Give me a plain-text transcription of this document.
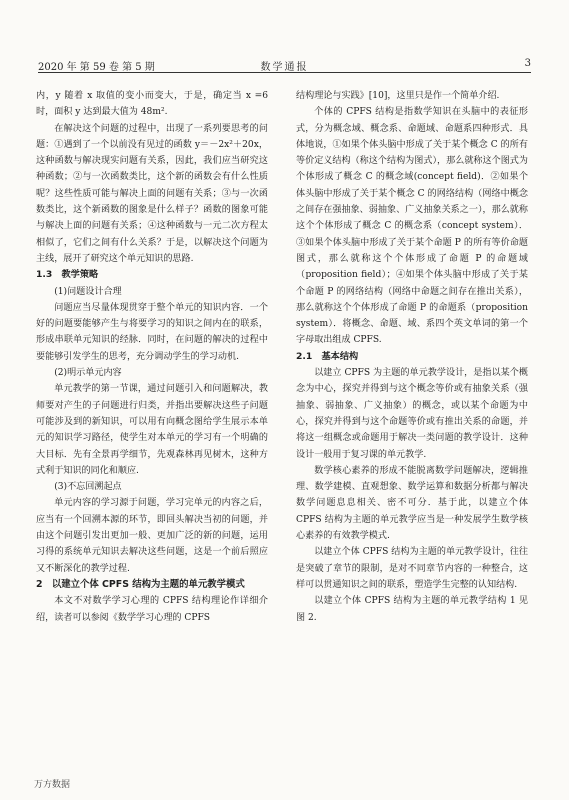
2020 年 第 59 卷 第 5 期	数学通报	3

内，y 随着 x 取值的变小而变大，于是，确定当 x =6 时，面积 y 达到最大值为 48m².

在解决这个问题的过程中，出现了一系列要思考的问题：①遇到了一个以前没有见过的函数 y＝－2x²＋20x，这种函数与解决现实问题有关系，因此，我们应当研究这种函数；②与一次函数类比，这个新的函数会有什么性质呢？这些性质可能与解决上面的问题有关系；③与一次函数类比，这个新函数的图象是什么样子？函数的图象可能与解决上面的问题有关系；④这种函数与一元二次方程太相似了，它们之间有什么关系？于是，以解决这个问题为主线，展开了研究这个单元知识的思路.

1.3　教学策略
(1)问题设计合理

问题应当尽量体现贯穿于整个单元的知识内容．一个好的问题要能够产生与将要学习的知识之间内在的联系，形成串联单元知识的经脉．同时，在问题的解决的过程中要能够引发学生的思考，充分调动学生的学习动机.

(2)明示单元内容

单元教学的第一节课，通过问题引入和问题解决，教师要对产生的子问题进行归类，并指出要解决这些子问题可能涉及到的新知识，可以用有向概念图给学生展示本单元的知识学习路径，使学生对本单元的学习有一个明确的大目标．先有全景再学细节，先观森林再见树木，这种方式利于知识的同化和顺应.

(3)不忘回溯起点

单元内容的学习源于问题，学习完单元的内容之后，应当有一个回溯本源的环节，即回头解决当初的问题，并由这个问题引发出更加一般、更加广泛的新的问题，运用习得的系统单元知识去解决这些问题，这是一个前后照应又不断深化的教学过程.

2　以建立个体 CPFS 结构为主题的单元教学模式

本文不对数学学习心理的 CPFS 结构理论作详细介绍，读者可以参阅《数学学习心理的 CPFS

结构理论与实践》[10]，这里只是作一个简单介绍.

个体的 CPFS 结构是指数学知识在头脑中的表征形式，分为概念域、概念系、命题域、命题系四种形式．具体地说，①如果个体头脑中形成了关于某个概念 C 的所有等价定义结构（称这个结构为图式），那么就称这个图式为个体形成了概念 C 的概念域(concept field)．②如果个体头脑中形成了关于某个概念 C 的网络结构（网络中概念之间存在强抽象、弱抽象、广义抽象关系之一），那么就称这个个体形成了概念 C 的概念系（concept system）．③如果个体头脑中形成了关于某个命题 P 的所有等价命题图式，那么就称这个个体形成了命题 P 的命题域（proposition field）；④如果个体头脑中形成了关于某个命题 P 的网络结构（网络中命题之间存在推出关系），那么就称这个个体形成了命题 P 的命题系（proposition system）．将概念、命题、域、系四个英文单词的第一个字母取出组成 CPFS.

2.1　基本结构

以建立 CPFS 为主题的单元教学设计，是指以某个概念为中心，探究并得到与这个概念等价或有抽象关系（强抽象、弱抽象、广义抽象）的概念，或以某个命题为中心，探究并得到与这个命题等价或有推出关系的命题，并将这一组概念或命题用于解决一类问题的教学设计．这种设计一般用于复习课的单元教学.

数学核心素养的形成不能脱离数学问题解决，逻辑推理、数学建模、直观想象、数学运算和数据分析都与解决数学问题息息相关、密不可分．基于此，以建立个体 CPFS 结构为主题的单元教学应当是一种发展学生数学核心素养的有效教学模式.

以建立个体 CPFS 结构为主题的单元教学设计，往往是突破了章节的限制，是对不同章节内容的一种整合，这样可以贯通知识之间的联系，塑造学生完整的认知结构.

以建立个体 CPFS 结构为主题的单元教学结构 1 见图 2.

万方数据
